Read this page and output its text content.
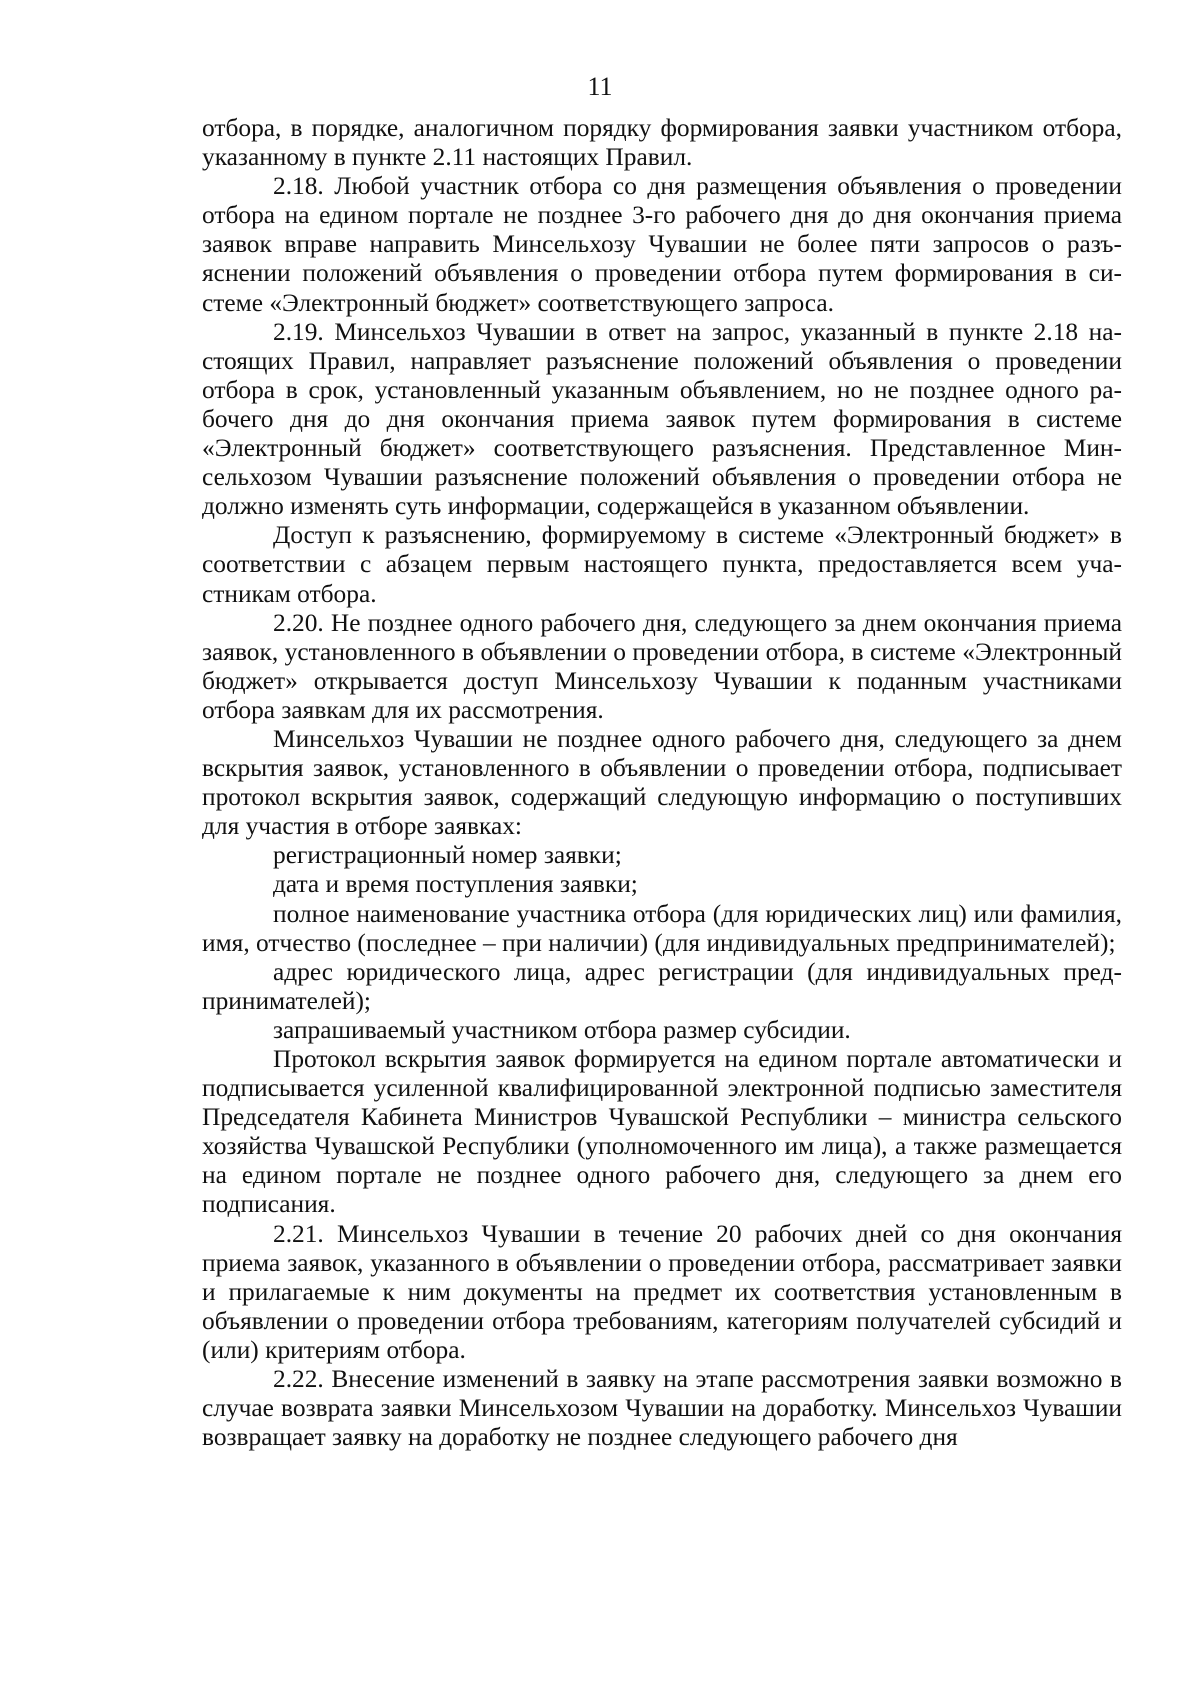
11

отбора, в порядке, аналогичном порядку формирования заявки участником отбора, указанному в пункте 2.11 настоящих Правил.

2.18. Любой участник отбора со дня размещения объявления о проведении отбора на едином портале не позднее 3-го рабочего дня до дня окончания приема заявок вправе направить Минсельхозу Чувашии не более пяти запросов о разъяснении положений объявления о проведении отбора путем формирования в системе «Электронный бюджет» соответствующего запроса.

2.19. Минсельхоз Чувашии в ответ на запрос, указанный в пункте 2.18 настоящих Правил, направляет разъяснение положений объявления о проведении отбора в срок, установленный указанным объявлением, но не позднее одного рабочего дня до дня окончания приема заявок путем формирования в системе «Электронный бюджет» соответствующего разъяснения. Представленное Минсельхозом Чувашии разъяснение положений объявления о проведении отбора не должно изменять суть информации, содержащейся в указанном объявлении.

Доступ к разъяснению, формируемому в системе «Электронный бюджет» в соответствии с абзацем первым настоящего пункта, предоставляется всем участникам отбора.

2.20. Не позднее одного рабочего дня, следующего за днем окончания приема заявок, установленного в объявлении о проведении отбора, в системе «Электронный бюджет» открывается доступ Минсельхозу Чувашии к поданным участниками отбора заявкам для их рассмотрения.

Минсельхоз Чувашии не позднее одного рабочего дня, следующего за днем вскрытия заявок, установленного в объявлении о проведении отбора, подписывает протокол вскрытия заявок, содержащий следующую информацию о поступивших для участия в отборе заявках:

регистрационный номер заявки;

дата и время поступления заявки;

полное наименование участника отбора (для юридических лиц) или фамилия, имя, отчество (последнее – при наличии) (для индивидуальных предпринимателей);

адрес юридического лица, адрес регистрации (для индивидуальных предпринимателей);

запрашиваемый участником отбора размер субсидии.

Протокол вскрытия заявок формируется на едином портале автоматически и подписывается усиленной квалифицированной электронной подписью заместителя Председателя Кабинета Министров Чувашской Республики – министра сельского хозяйства Чувашской Республики (уполномоченного им лица), а также размещается на едином портале не позднее одного рабочего дня, следующего за днем его подписания.

2.21. Минсельхоз Чувашии в течение 20 рабочих дней со дня окончания приема заявок, указанного в объявлении о проведении отбора, рассматривает заявки и прилагаемые к ним документы на предмет их соответствия установленным в объявлении о проведении отбора требованиям, категориям получателей субсидий и (или) критериям отбора.

2.22. Внесение изменений в заявку на этапе рассмотрения заявки возможно в случае возврата заявки Минсельхозом Чувашии на доработку. Минсельхоз Чувашии возвращает заявку на доработку не позднее следующего рабочего дня
